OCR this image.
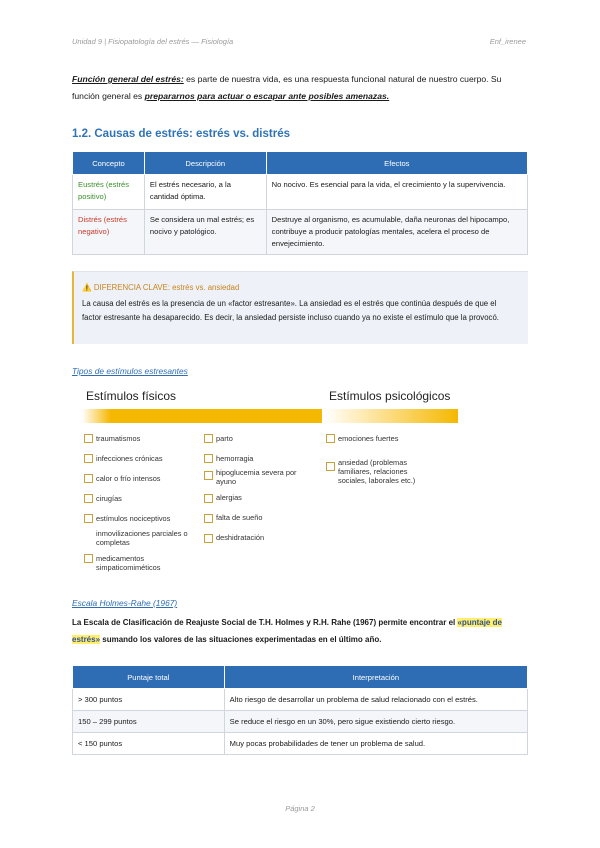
Unidad 9 | Fisiopatología del estrés — Fisiología	Enf_irenee
Función general del estrés: es parte de nuestra vida, es una respuesta funcional natural de nuestro cuerpo. Su función general es prepararnos para actuar o escapar ante posibles amenazas.
1.2. Causas de estrés: estrés vs. distrés
Concepto	Descripción	Efectos
Eustrés (estrés positivo)	El estrés necesario, a la cantidad óptima.	No nocivo. Es esencial para la vida, el crecimiento y la supervivencia.
Distrés (estrés negativo)	Se considera un mal estrés; es nocivo y patológico.	Destruye al organismo, es acumulable, daña neuronas del hipocampo, contribuye a producir patologías mentales, acelera el proceso de envejecimiento.
⚠️ DIFERENCIA CLAVE: estrés vs. ansiedad
La causa del estrés es la presencia de un «factor estresante». La ansiedad es el estrés que continúa después de que el factor estresante ha desaparecido. Es decir, la ansiedad persiste incluso cuando ya no existe el estímulo que la provocó.
Tipos de estímulos estresantes
Estímulos físicos	Estímulos psicológicos
traumatismos
infecciones crónicas
calor o frío intensos
cirugías
estímulos nociceptivos
inmovilizaciones parciales o completas
medicamentos simpaticomiméticos
parto
hemorragia
hipoglucemia severa por ayuno
alergias
falta de sueño
deshidratación
emociones fuertes
ansiedad (problemas familiares, relaciones sociales, laborales etc.)
Escala Holmes-Rahe (1967)
La Escala de Clasificación de Reajuste Social de T.H. Holmes y R.H. Rahe (1967) permite encontrar el «puntaje de estrés» sumando los valores de las situaciones experimentadas en el último año.
Puntaje total	Interpretación
> 300 puntos	Alto riesgo de desarrollar un problema de salud relacionado con el estrés.
150 – 299 puntos	Se reduce el riesgo en un 30%, pero sigue existiendo cierto riesgo.
< 150 puntos	Muy pocas probabilidades de tener un problema de salud.
Página 2
